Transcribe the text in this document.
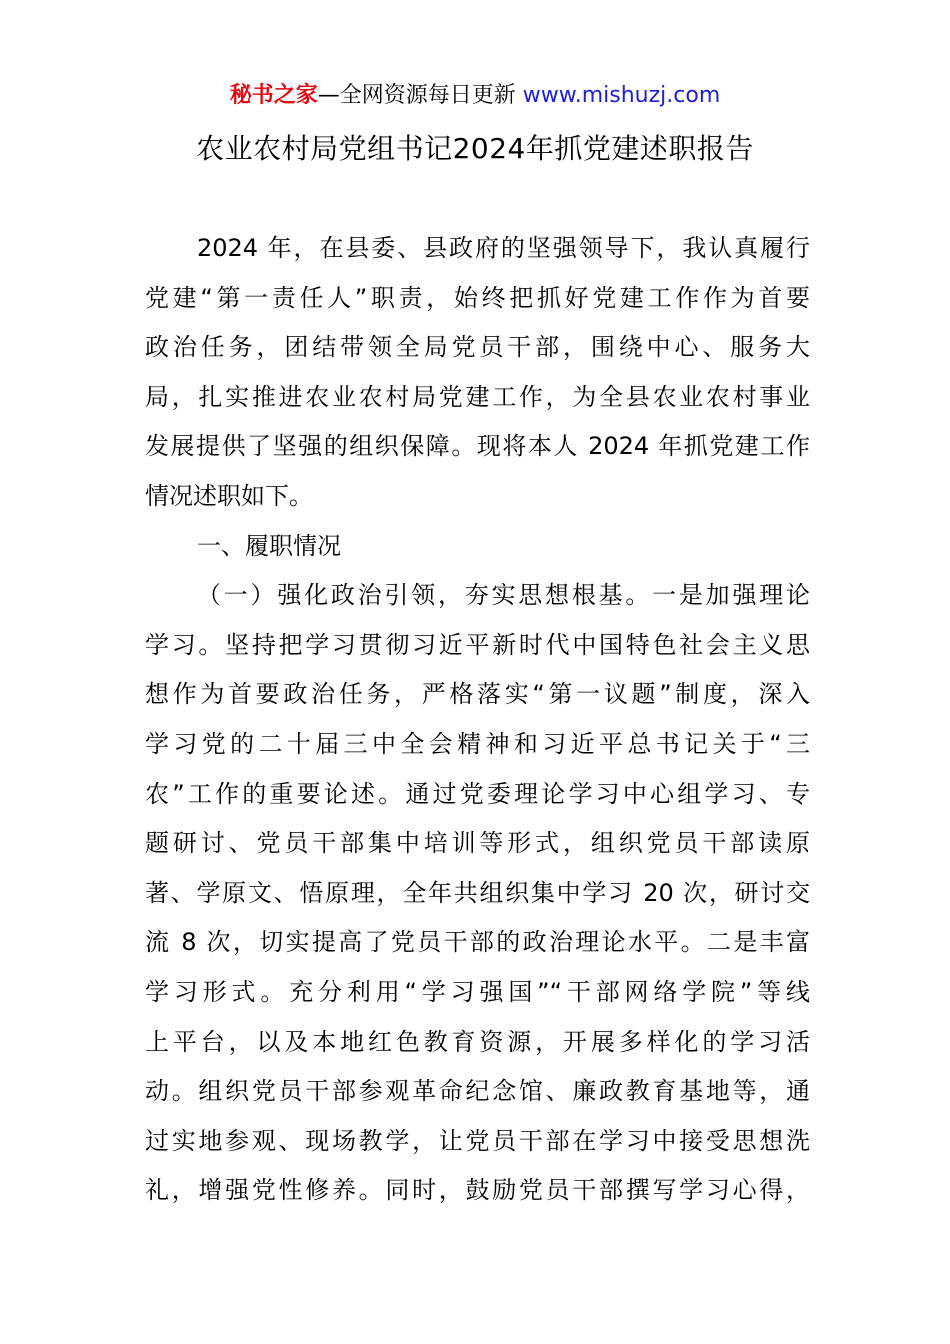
秘书之家—全网资源每日更新 www.mishuzj.com
农业农村局党组书记2024年抓党建述职报告
2024 年，在县委、县政府的坚强领导下，我认真履行
党建“第一责任人”职责，始终把抓好党建工作作为首要
政治任务，团结带领全局党员干部，围绕中心、服务大
局，扎实推进农业农村局党建工作，为全县农业农村事业
发展提供了坚强的组织保障。现将本人 2024 年抓党建工作
情况述职如下。
一、履职情况
（一）强化政治引领，夯实思想根基。一是加强理论
学习。坚持把学习贯彻习近平新时代中国特色社会主义思
想作为首要政治任务，严格落实“第一议题”制度，深入
学习党的二十届三中全会精神和习近平总书记关于“三
农”工作的重要论述。通过党委理论学习中心组学习、专
题研讨、党员干部集中培训等形式，组织党员干部读原
著、学原文、悟原理，全年共组织集中学习 20 次，研讨交
流 8 次，切实提高了党员干部的政治理论水平。二是丰富
学习形式。充分利用“学习强国”“干部网络学院”等线
上平台，以及本地红色教育资源，开展多样化的学习活
动。组织党员干部参观革命纪念馆、廉政教育基地等，通
过实地参观、现场教学，让党员干部在学习中接受思想洗
礼，增强党性修养。同时，鼓励党员干部撰写学习心得，
